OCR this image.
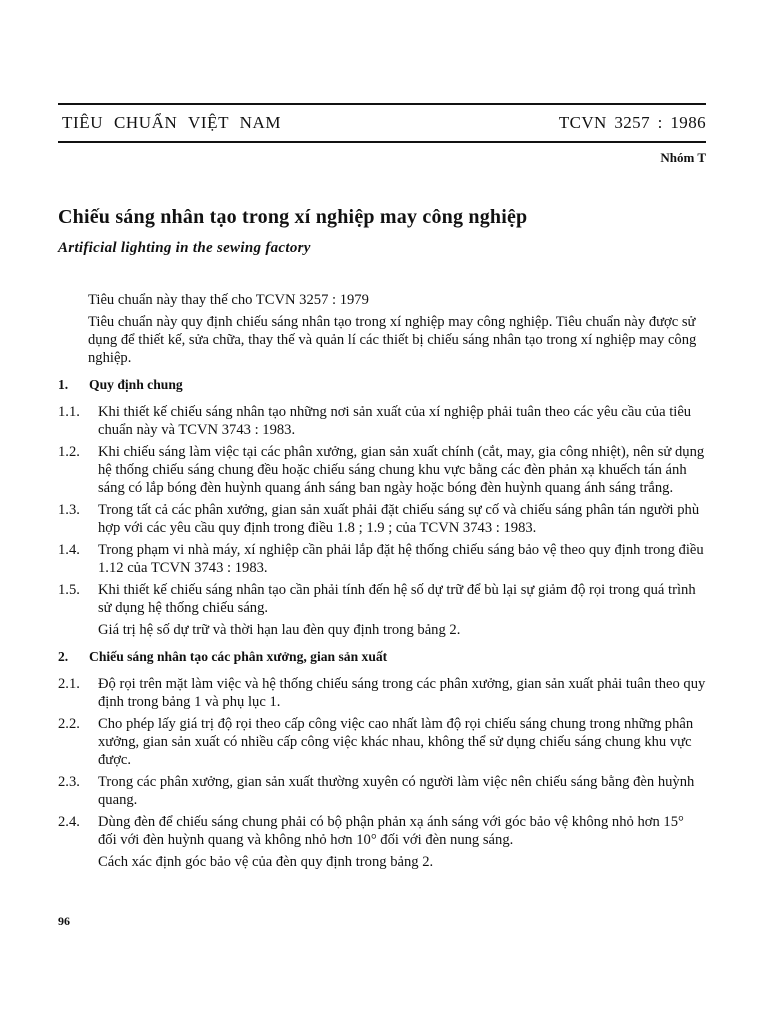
TIÊU CHUẨN VIỆT NAM	TCVN 3257 : 1986
Nhóm T
Chiếu sáng nhân tạo trong xí nghiệp may công nghiệp
Artificial lighting in the sewing factory

Tiêu chuẩn này thay thế cho TCVN 3257 : 1979

Tiêu chuẩn này quy định chiếu sáng nhân tạo trong xí nghiệp may công nghiệp. Tiêu chuẩn này được sử dụng để thiết kế, sửa chữa, thay thế và quản lí các thiết bị chiếu sáng nhân tạo trong xí nghiệp may công nghiệp.

1.	Quy định chung
1.1.	Khi thiết kế chiếu sáng nhân tạo những nơi sản xuất của xí nghiệp phải tuân theo các yêu cầu của tiêu chuẩn này và TCVN 3743 : 1983.
1.2.	Khi chiếu sáng làm việc tại các phân xưởng, gian sản xuất chính (cắt, may, gia công nhiệt), nên sử dụng hệ thống chiếu sáng chung đều hoặc chiếu sáng chung khu vực bằng các đèn phản xạ khuếch tán ánh sáng có lắp bóng đèn huỳnh quang ánh sáng ban ngày hoặc bóng đèn huỳnh quang ánh sáng trắng.
1.3.	Trong tất cả các phân xưởng, gian sản xuất phải đặt chiếu sáng sự cố và chiếu sáng phân tán người phù hợp với các yêu cầu quy định trong điều 1.8 ; 1.9 ; của TCVN 3743 : 1983.
1.4.	Trong phạm vi nhà máy, xí nghiệp cần phải lắp đặt hệ thống chiếu sáng bảo vệ theo quy định trong điều 1.12 của TCVN 3743 : 1983.
1.5.	Khi thiết kế chiếu sáng nhân tạo cần phải tính đến hệ số dự trữ để bù lại sự giảm độ rọi trong quá trình sử dụng hệ thống chiếu sáng.

Giá trị hệ số dự trữ và thời hạn lau đèn quy định trong bảng 2.

2.	Chiếu sáng nhân tạo các phân xưởng, gian sản xuất
2.1.	Độ rọi trên mặt làm việc và hệ thống chiếu sáng trong các phân xưởng, gian sản xuất phải tuân theo quy định trong bảng 1 và phụ lục 1.
2.2.	Cho phép lấy giá trị độ rọi theo cấp công việc cao nhất làm độ rọi chiếu sáng chung trong những phân xưởng, gian sản xuất có nhiều cấp công việc khác nhau, không thể sử dụng chiếu sáng chung khu vực được.
2.3.	Trong các phân xưởng, gian sản xuất thường xuyên có người làm việc nên chiếu sáng bằng đèn huỳnh quang.
2.4.	Dùng đèn để chiếu sáng chung phải có bộ phận phản xạ ánh sáng với góc bảo vệ không nhỏ hơn 15° đối với đèn huỳnh quang và không nhỏ hơn 10° đối với đèn nung sáng.

Cách xác định góc bảo vệ của đèn quy định trong bảng 2.

96
